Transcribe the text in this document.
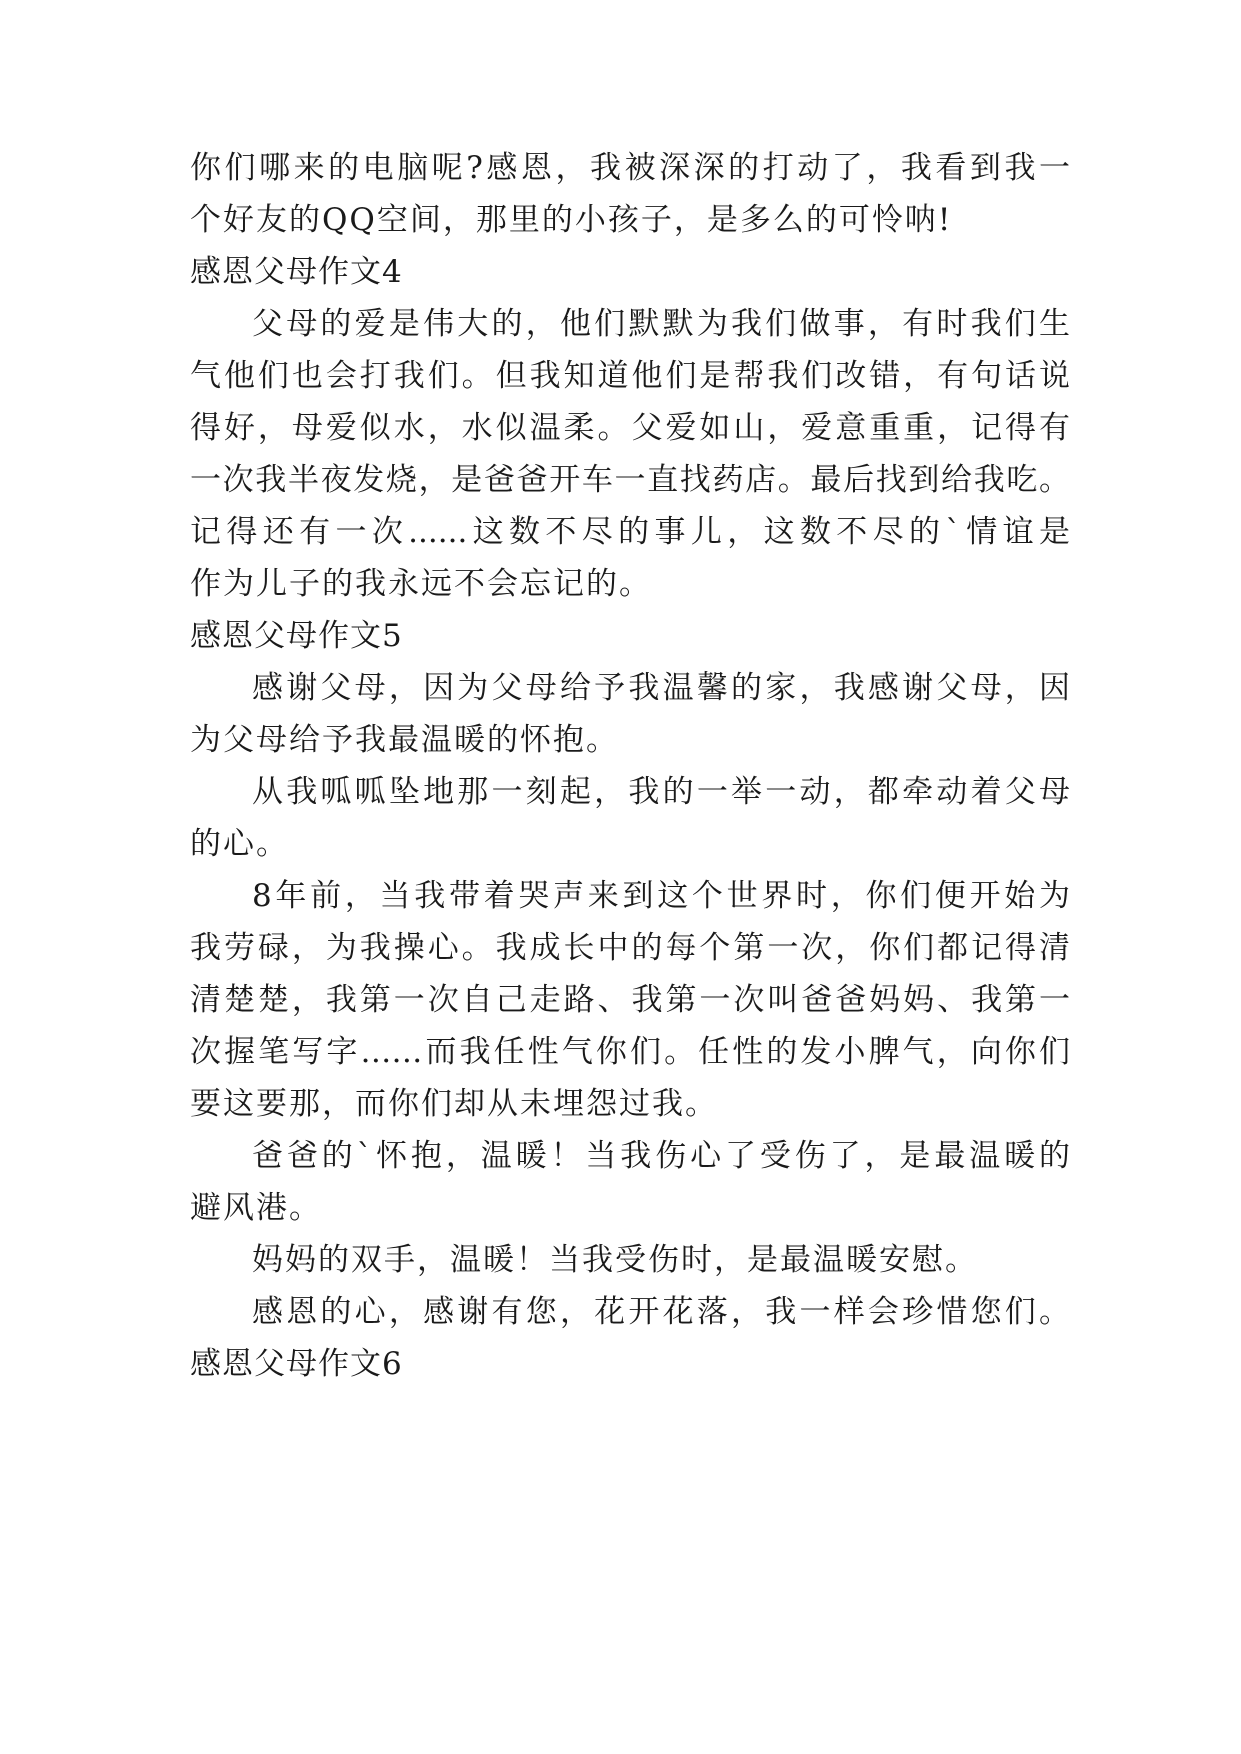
你们哪来的电脑呢?感恩，我被深深的打动了，我看到我一
个好友的QQ空间，那里的小孩子，是多么的可怜呐!
感恩父母作文4
父母的爱是伟大的，他们默默为我们做事，有时我们生
气他们也会打我们。但我知道他们是帮我们改错，有句话说
得好，母爱似水，水似温柔。父爱如山，爱意重重，记得有
一次我半夜发烧，是爸爸开车一直找药店。最后找到给我吃。
记得还有一次......这数不尽的事儿，这数不尽的`情谊是
作为儿子的我永远不会忘记的。
感恩父母作文5
感谢父母，因为父母给予我温馨的家，我感谢父母，因
为父母给予我最温暖的怀抱。
从我呱呱坠地那一刻起，我的一举一动，都牵动着父母
的心。
8年前，当我带着哭声来到这个世界时，你们便开始为
我劳碌，为我操心。我成长中的每个第一次，你们都记得清
清楚楚，我第一次自己走路、我第一次叫爸爸妈妈、我第一
次握笔写字……而我任性气你们。任性的发小脾气，向你们
要这要那，而你们却从未埋怨过我。
爸爸的`怀抱，温暖！当我伤心了受伤了，是最温暖的
避风港。
妈妈的双手，温暖！当我受伤时，是最温暖安慰。
感恩的心，感谢有您，花开花落，我一样会珍惜您们。
感恩父母作文6
